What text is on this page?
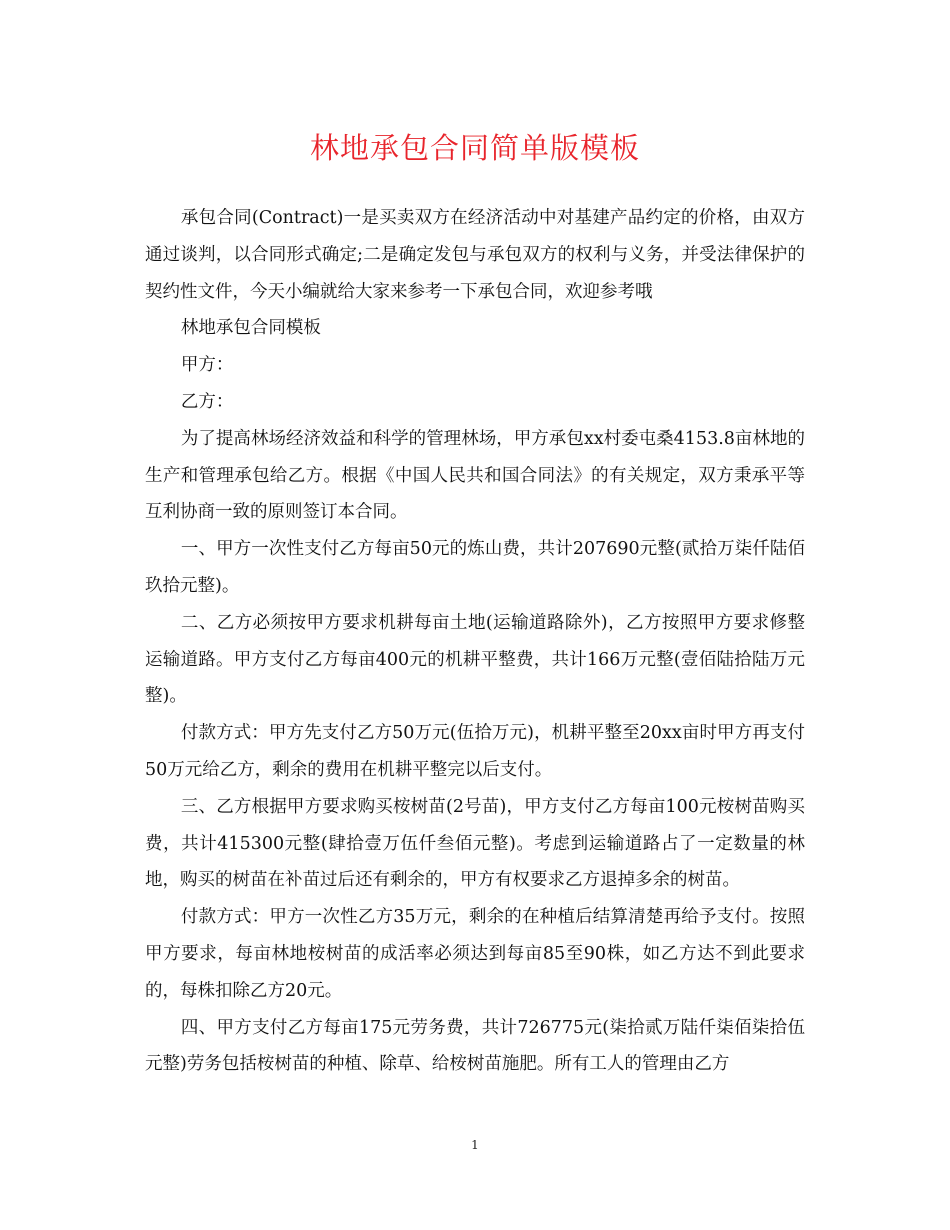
林地承包合同简单版模板

承包合同(Contract)一是买卖双方在经济活动中对基建产品约定的价格，由双方通过谈判，以合同形式确定;二是确定发包与承包双方的权利与义务，并受法律保护的契约性文件，今天小编就给大家来参考一下承包合同，欢迎参考哦

林地承包合同模板

甲方：

乙方：

为了提高林场经济效益和科学的管理林场，甲方承包xx村委屯桑4153.8亩林地的生产和管理承包给乙方。根据《中国人民共和国合同法》的有关规定，双方秉承平等互利协商一致的原则签订本合同。

一、甲方一次性支付乙方每亩50元的炼山费，共计207690元整(贰拾万柒仟陆佰玖拾元整)。

二、乙方必须按甲方要求机耕每亩土地(运输道路除外)，乙方按照甲方要求修整运输道路。甲方支付乙方每亩400元的机耕平整费，共计166万元整(壹佰陆拾陆万元整)。

付款方式：甲方先支付乙方50万元(伍拾万元)，机耕平整至20xx亩时甲方再支付50万元给乙方，剩余的费用在机耕平整完以后支付。

三、乙方根据甲方要求购买桉树苗(2号苗)，甲方支付乙方每亩100元桉树苗购买费，共计415300元整(肆拾壹万伍仟叁佰元整)。考虑到运输道路占了一定数量的林地，购买的树苗在补苗过后还有剩余的，甲方有权要求乙方退掉多余的树苗。

付款方式：甲方一次性乙方35万元，剩余的在种植后结算清楚再给予支付。按照甲方要求，每亩林地桉树苗的成活率必须达到每亩85至90株，如乙方达不到此要求的，每株扣除乙方20元。

四、甲方支付乙方每亩175元劳务费，共计726775元(柒拾贰万陆仟柒佰柒拾伍元整)劳务包括桉树苗的种植、除草、给桉树苗施肥。所有工人的管理由乙方

1
